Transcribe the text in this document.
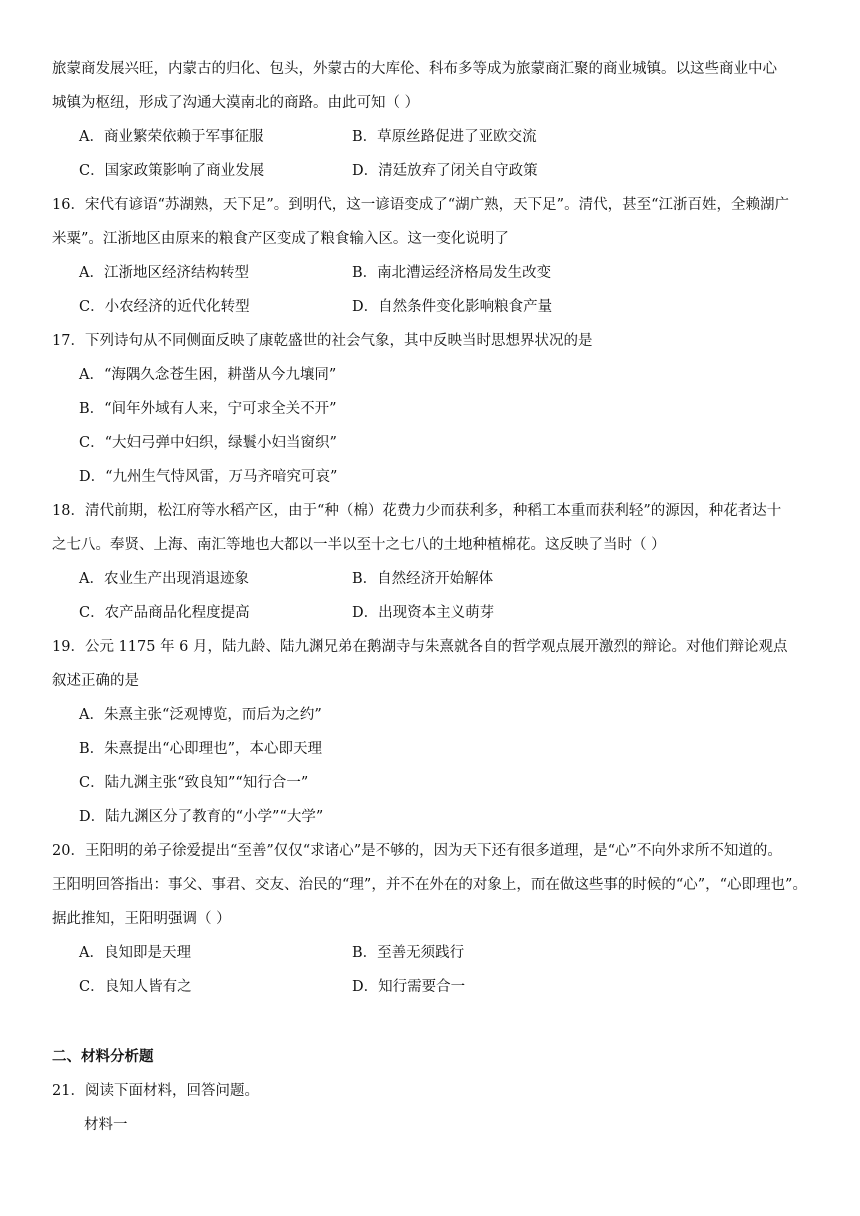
旅蒙商发展兴旺，内蒙古的归化、包头，外蒙古的大库伦、科布多等成为旅蒙商汇聚的商业城镇。以这些商业中心
城镇为枢纽，形成了沟通大漠南北的商路。由此可知（ ）
A．商业繁荣依赖于军事征服	B．草原丝路促进了亚欧交流
C．国家政策影响了商业发展	D．清廷放弃了闭关自守政策
16．宋代有谚语“苏湖熟，天下足”。到明代，这一谚语变成了“湖广熟，天下足”。清代，甚至“江浙百姓，全赖湖广
米粟”。江浙地区由原来的粮食产区变成了粮食输入区。这一变化说明了
A．江浙地区经济结构转型	B．南北漕运经济格局发生改变
C．小农经济的近代化转型	D．自然条件变化影响粮食产量
17．下列诗句从不同侧面反映了康乾盛世的社会气象，其中反映当时思想界状况的是
A．“海隅久念苍生困，耕凿从今九壤同”
B．“间年外域有人来，宁可求全关不开”
C．“大妇弓弹中妇织，绿鬟小妇当窗织”
D．“九州生气恃风雷，万马齐喑究可哀”
18．清代前期，松江府等水稻产区，由于“种（棉）花费力少而获利多，种稻工本重而获利轻”的源因，种花者达十
之七八。奉贤、上海、南汇等地也大都以一半以至十之七八的土地种植棉花。这反映了当时（ ）
A．农业生产出现消退迹象	B．自然经济开始解体
C．农产品商品化程度提高	D．出现资本主义萌芽
19．公元 1175 年 6 月，陆九龄、陆九渊兄弟在鹅湖寺与朱熹就各自的哲学观点展开激烈的辩论。对他们辩论观点
叙述正确的是
A．朱熹主张“泛观博览，而后为之约”
B．朱熹提出“心即理也”，本心即天理
C．陆九渊主张“致良知”“知行合一”
D．陆九渊区分了教育的“小学”“大学”
20．王阳明的弟子徐爱提出“至善”仅仅“求诸心”是不够的，因为天下还有很多道理，是“心”不向外求所不知道的。
王阳明回答指出：事父、事君、交友、治民的“理”，并不在外在的对象上，而在做这些事的时候的“心”，“心即理也”。
据此推知，王阳明强调（ ）
A．良知即是天理	B．至善无须践行
C．良知人皆有之	D．知行需要合一
二、材料分析题
21．阅读下面材料，回答问题。
材料一
